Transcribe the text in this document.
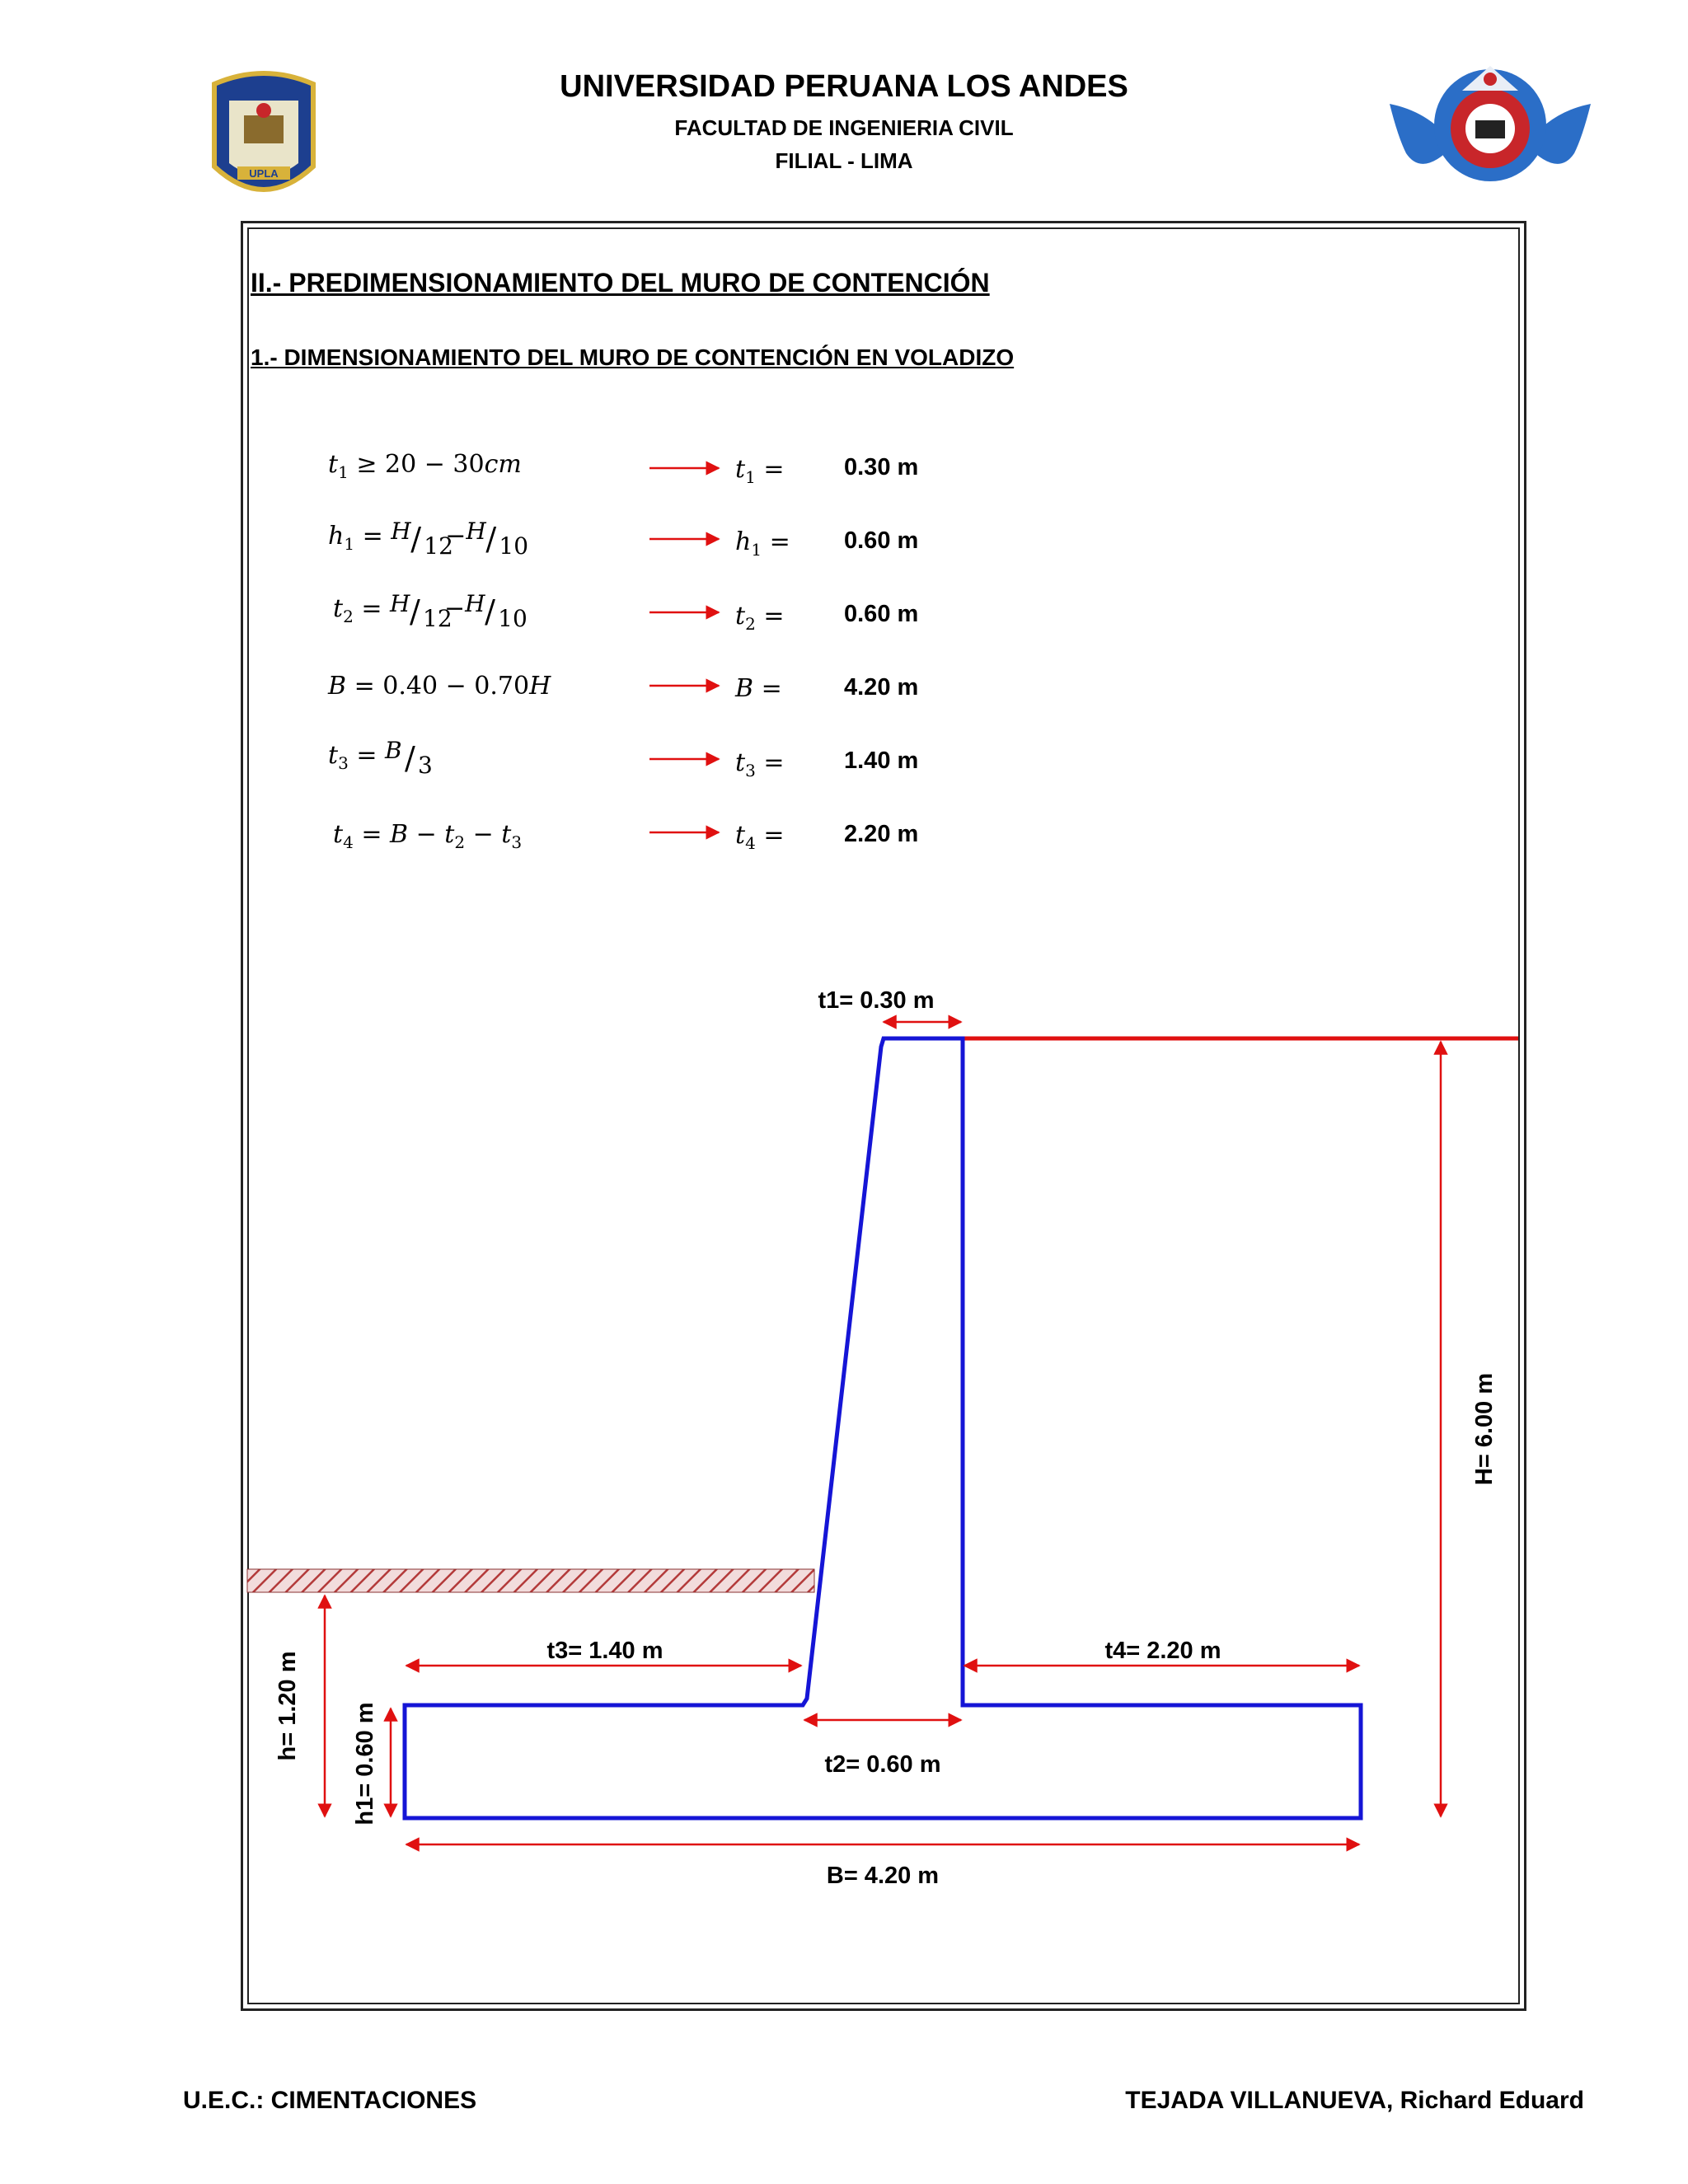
UNIVERSIDAD PERUANA LOS ANDES
FACULTAD DE INGENIERIA CIVIL
FILIAL - LIMA
UPLA
II.- PREDIMENSIONAMIENTO DEL MURO DE CONTENCIÓN
1.- DIMENSIONAMIENTO DEL MURO DE CONTENCIÓN EN VOLADIZO
$t_1 \ge 20 - 30cm$
$h_1 = H / 12$
− H / 10
$t_2 = H / 12$
− H / 10
B = 0.40 − 0.70H
$t_3 = B / 3$
$t_4 = B - t_2 - t_3$
$t_1$ =
$h_1$ =
$t_2$ =
B =
$t_3$ =
$t_4$ =
0.30 m
0.60 m
0.60 m
4.20 m
1.40 m
2.20 m
t1= 0.30 m
t3= 1.40 m	t4= 2.20 m
t2= 0.60 m
B= 4.20 m
H= 6.00 m
h= 1.20 m h1= 0.60 m
U.E.C.: CIMENTACIONES	TEJADA VILLANUEVA, Richard Eduard
